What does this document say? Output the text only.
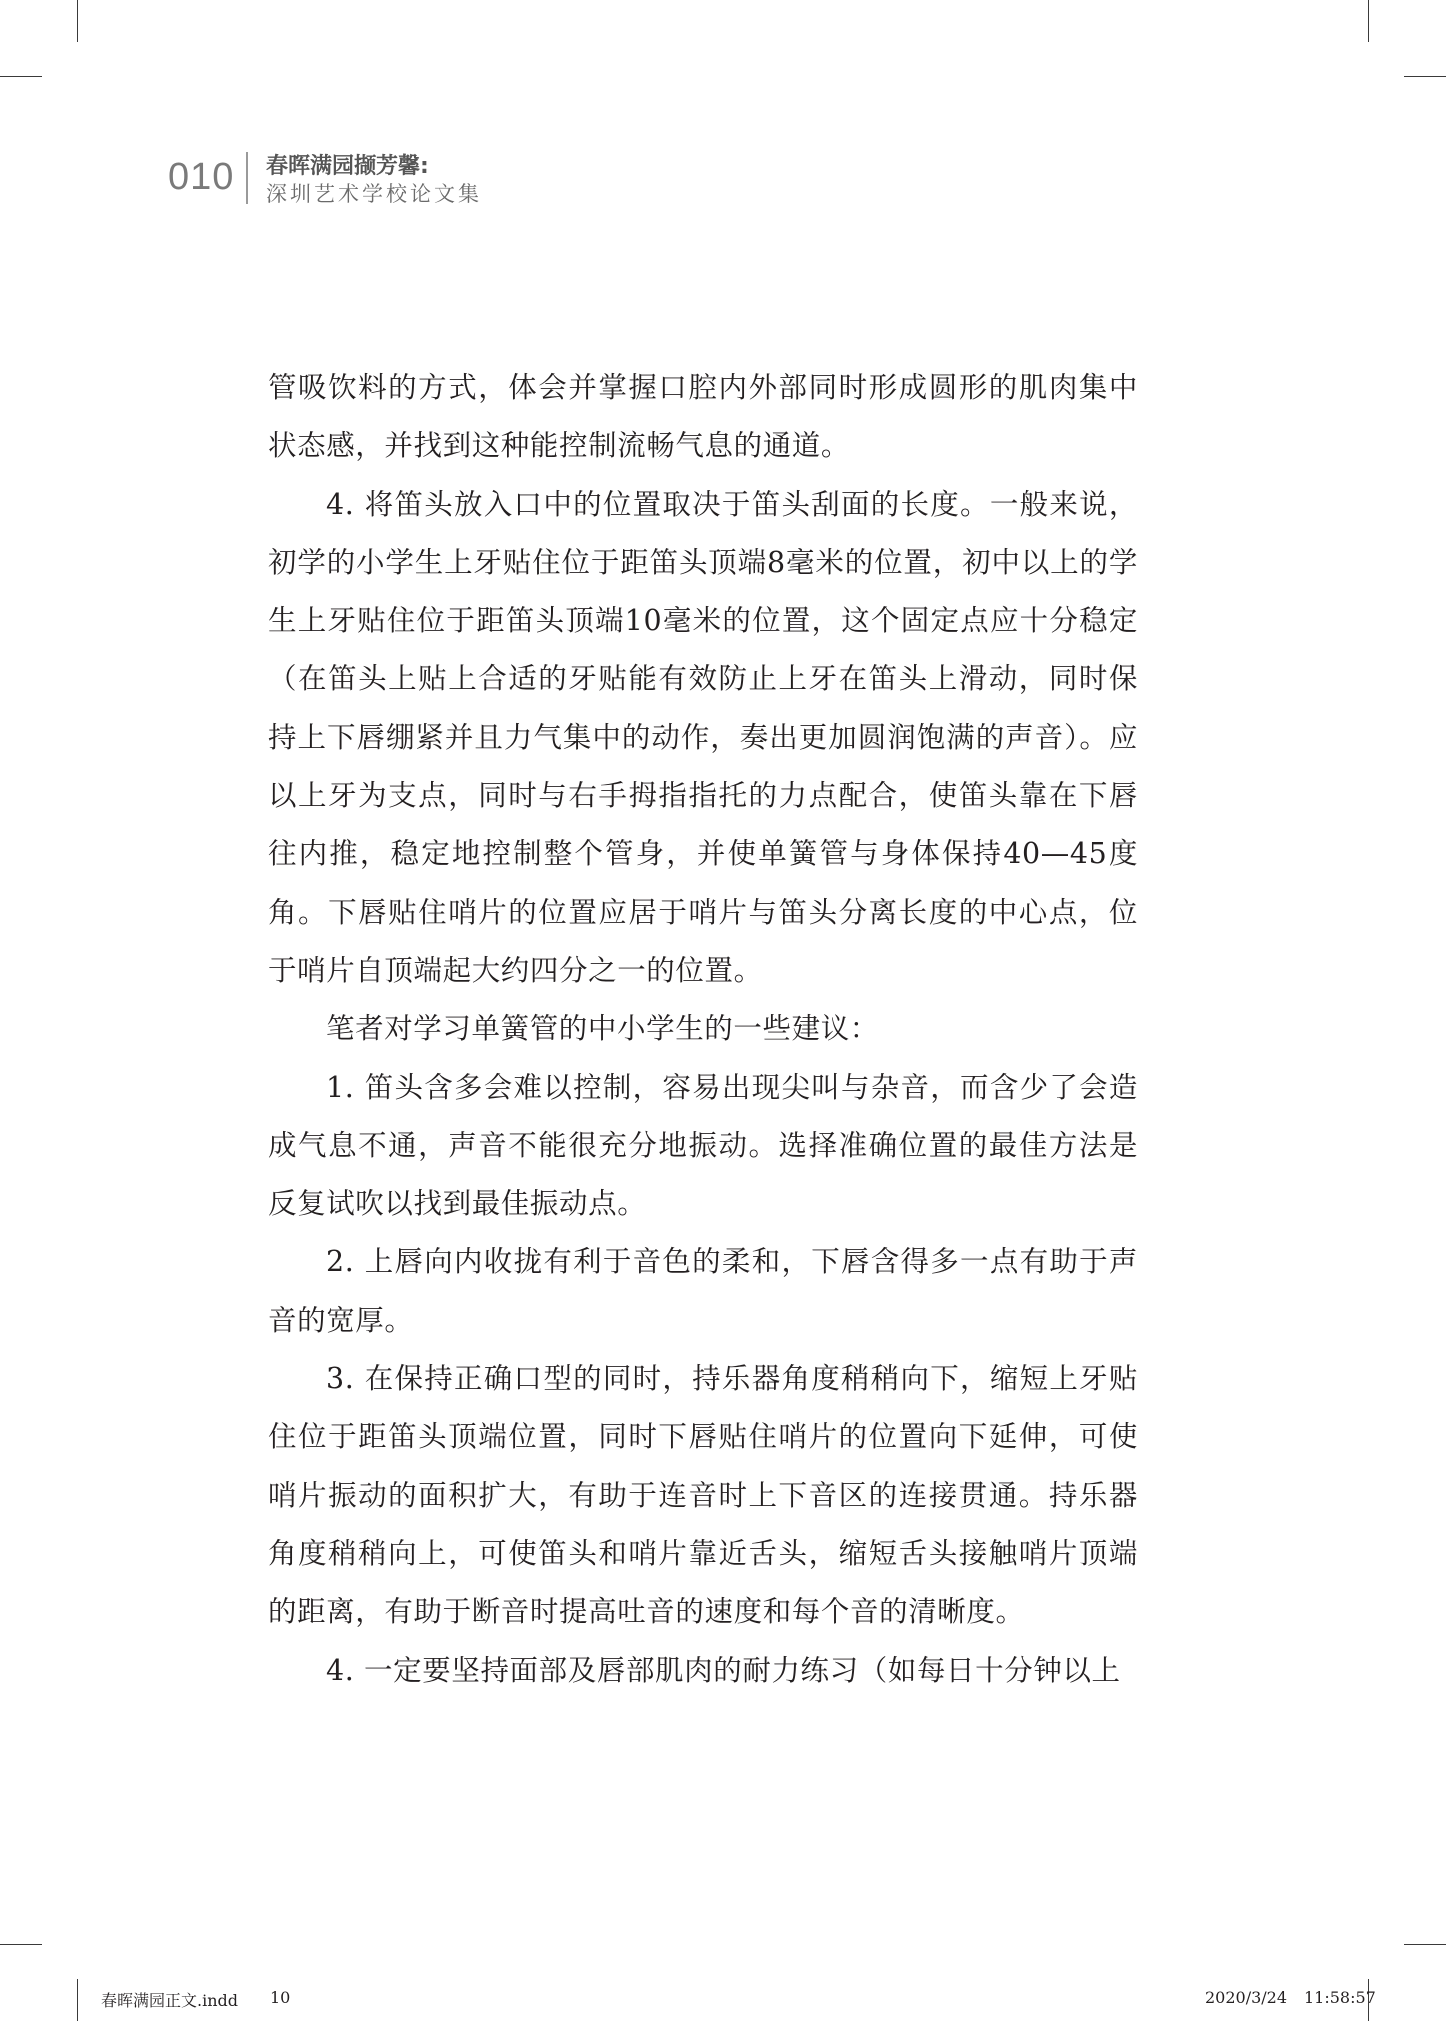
010 春晖满园撷芳馨:
深圳艺术学校论文集

管吸饮料的方式，体会并掌握口腔内外部同时形成圆形的肌肉集中状态感，并找到这种能控制流畅气息的通道。

4. 将笛头放入口中的位置取决于笛头刮面的长度。一般来说，初学的小学生上牙贴住位于距笛头顶端8毫米的位置，初中以上的学生上牙贴住位于距笛头顶端10毫米的位置，这个固定点应十分稳定（在笛头上贴上合适的牙贴能有效防止上牙在笛头上滑动，同时保持上下唇绷紧并且力气集中的动作，奏出更加圆润饱满的声音）。应以上牙为支点，同时与右手拇指指托的力点配合，使笛头靠在下唇往内推，稳定地控制整个管身，并使单簧管与身体保持40—45度角。下唇贴住哨片的位置应居于哨片与笛头分离长度的中心点，位于哨片自顶端起大约四分之一的位置。

笔者对学习单簧管的中小学生的一些建议：

1. 笛头含多会难以控制，容易出现尖叫与杂音，而含少了会造成气息不通，声音不能很充分地振动。选择准确位置的最佳方法是反复试吹以找到最佳振动点。

2. 上唇向内收拢有利于音色的柔和，下唇含得多一点有助于声音的宽厚。

3. 在保持正确口型的同时，持乐器角度稍稍向下，缩短上牙贴住位于距笛头顶端位置，同时下唇贴住哨片的位置向下延伸，可使哨片振动的面积扩大，有助于连音时上下音区的连接贯通。持乐器角度稍稍向上，可使笛头和哨片靠近舌头，缩短舌头接触哨片顶端的距离，有助于断音时提高吐音的速度和每个音的清晰度。

4. 一定要坚持面部及唇部肌肉的耐力练习（如每日十分钟以上

春晖满园正文.indd 10	2020/3/24 11:58:57
